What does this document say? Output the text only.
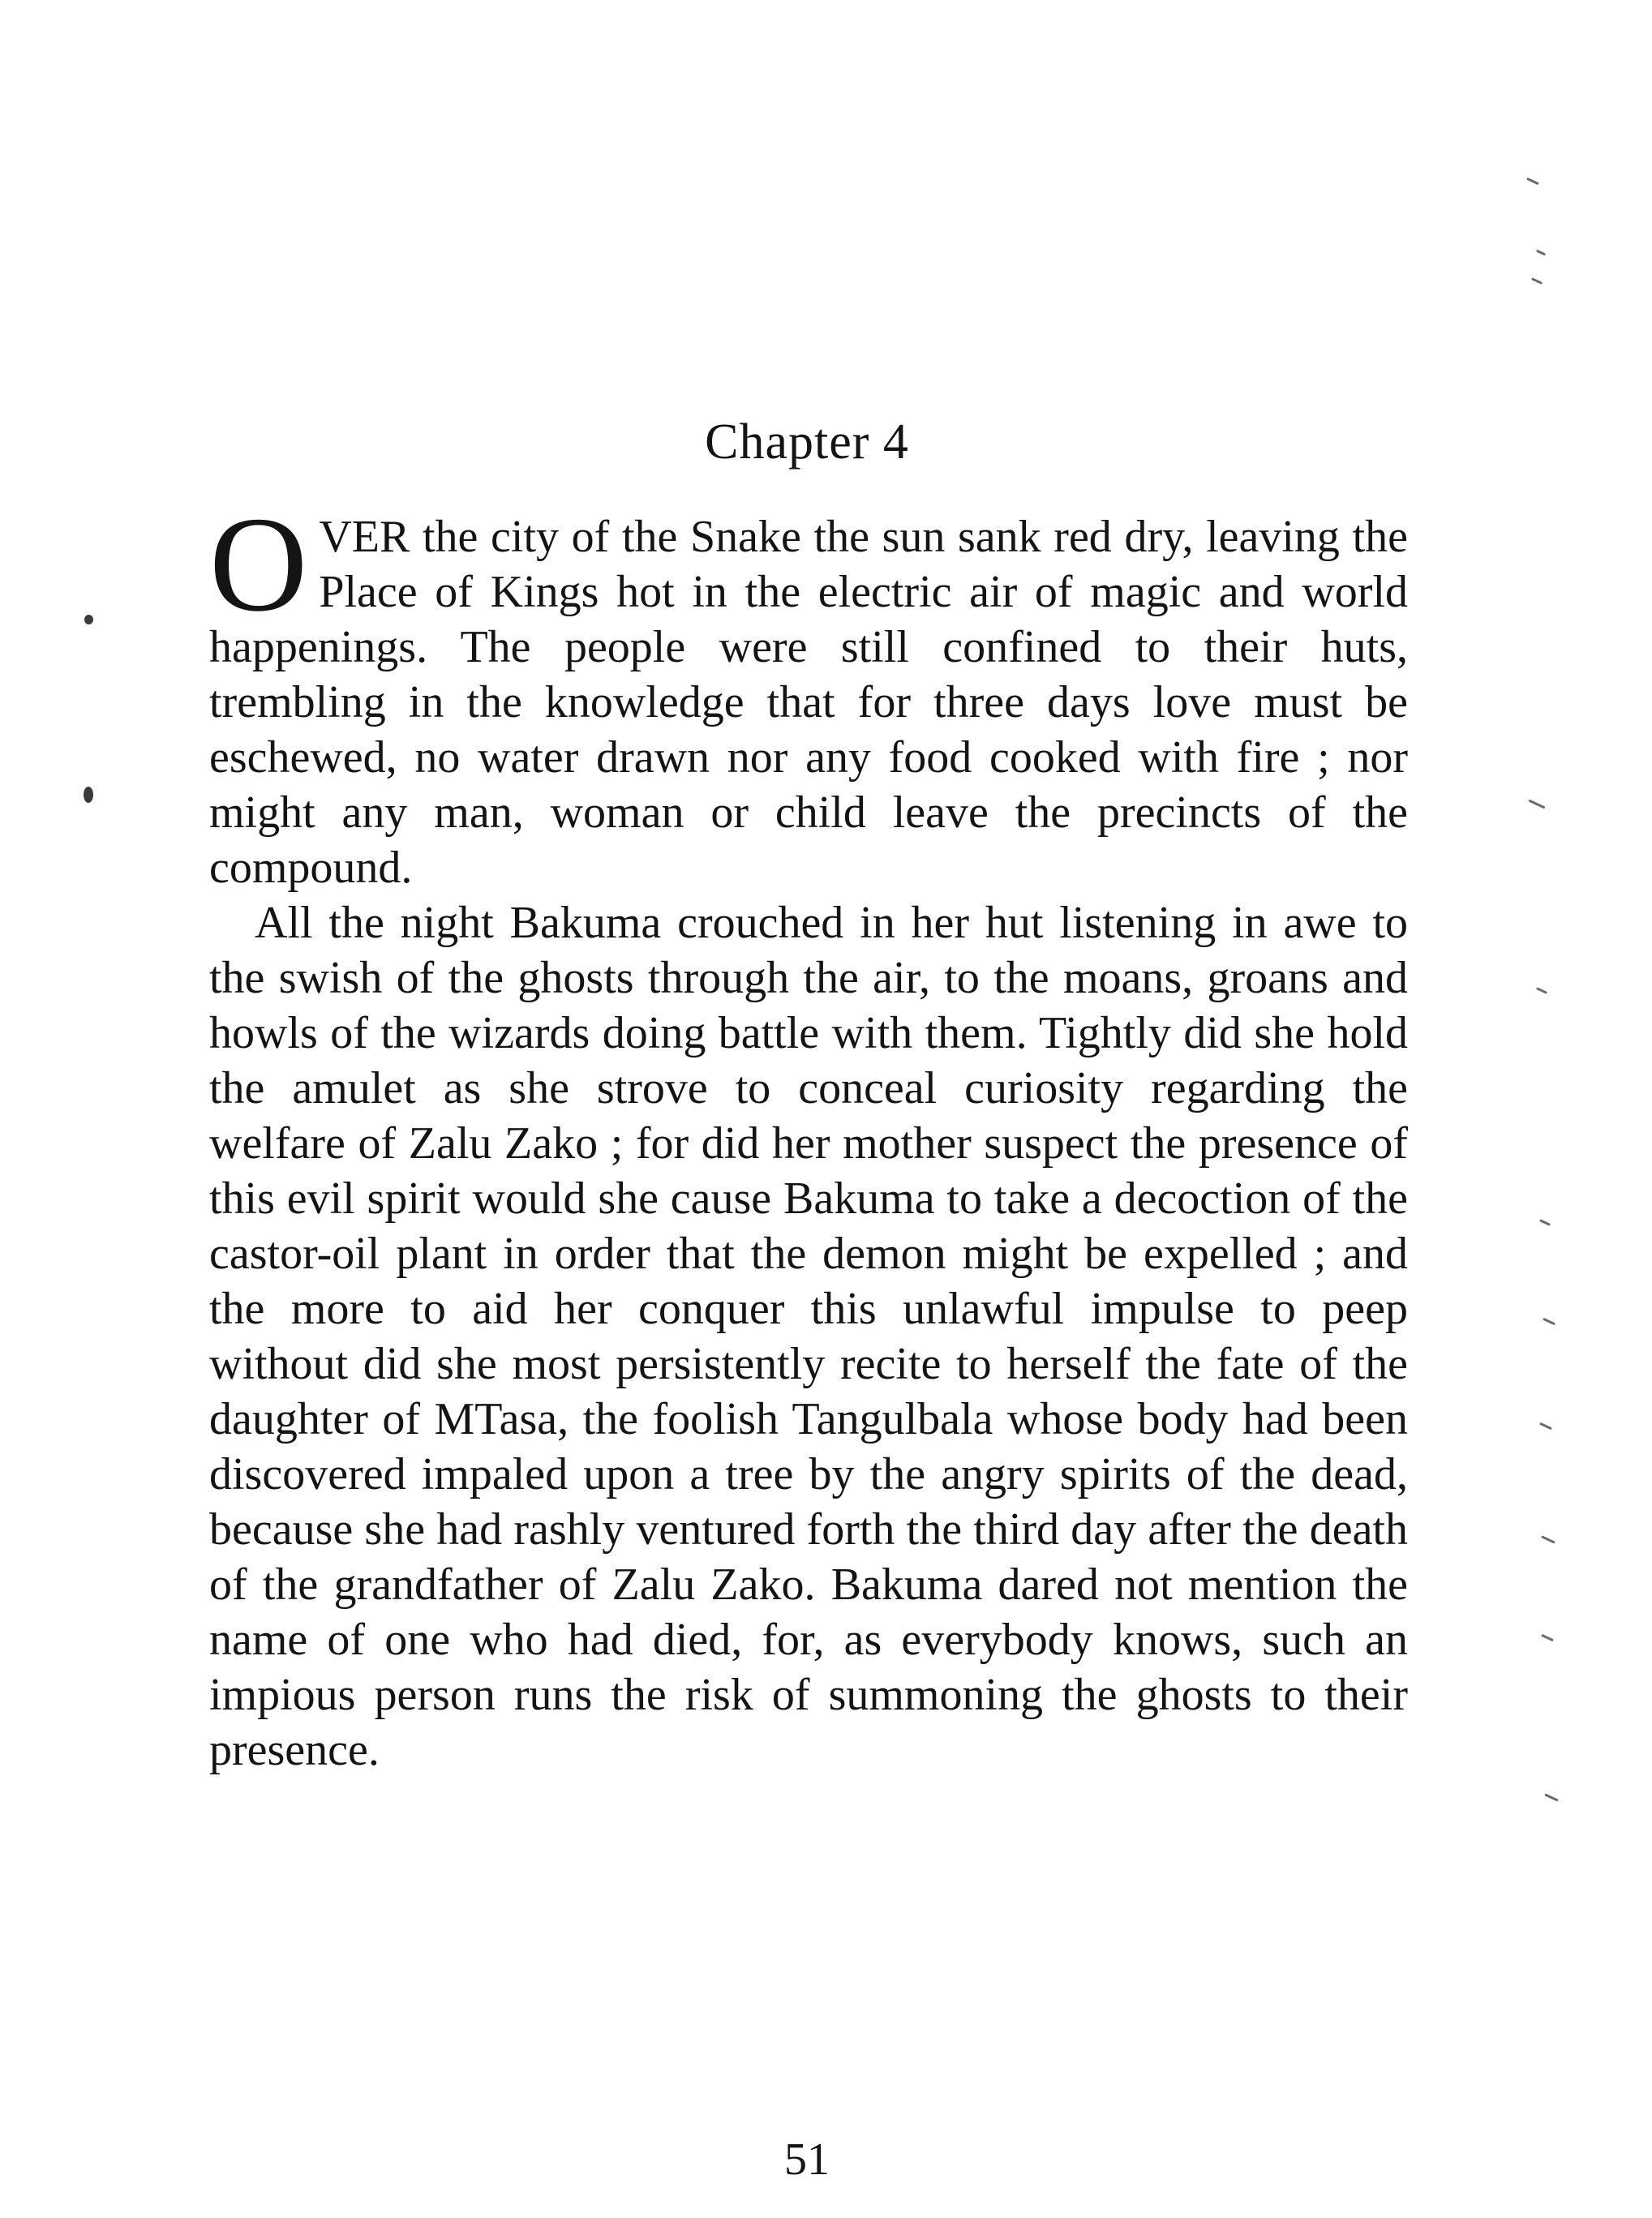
Chapter 4

OVER the city of the Snake the sun sank red dry, leaving the Place of Kings hot in the electric air of magic and world happenings. The people were still confined to their huts, trembling in the knowledge that for three days love must be eschewed, no water drawn nor any food cooked with fire ; nor might any man, woman or child leave the precincts of the compound.

All the night Bakuma crouched in her hut listening in awe to the swish of the ghosts through the air, to the moans, groans and howls of the wizards doing battle with them. Tightly did she hold the amulet as she strove to conceal curiosity regarding the welfare of Zalu Zako ; for did her mother suspect the presence of this evil spirit would she cause Bakuma to take a decoction of the castor-oil plant in order that the demon might be expelled ; and the more to aid her conquer this unlawful impulse to peep without did she most persistently recite to herself the fate of the daughter of MTasa, the foolish Tangulbala whose body had been discovered impaled upon a tree by the angry spirits of the dead, because she had rashly ventured forth the third day after the death of the grandfather of Zalu Zako. Bakuma dared not mention the name of one who had died, for, as everybody knows, such an impious person runs the risk of summoning the ghosts to their presence.

51
